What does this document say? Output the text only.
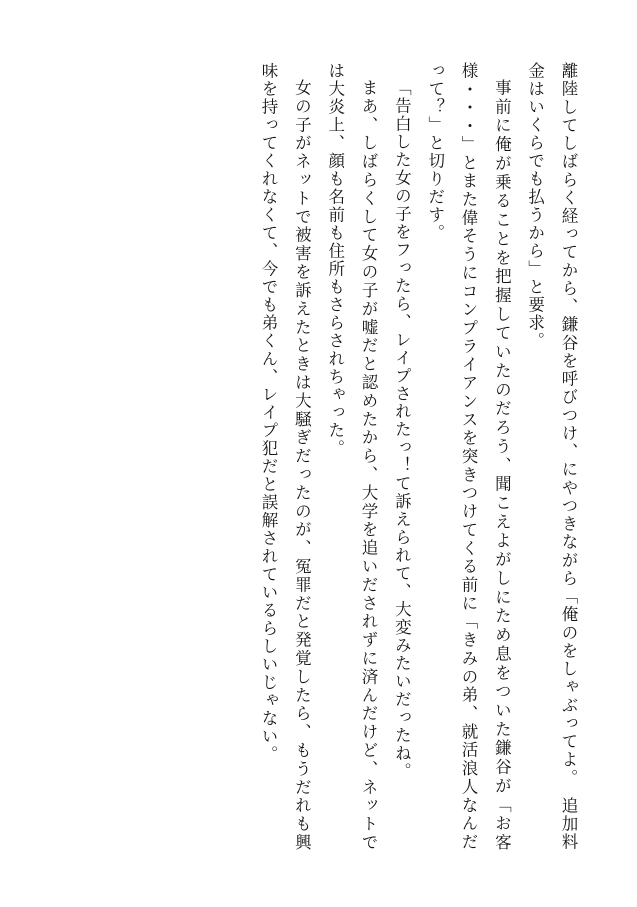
離陸してしばらく経ってから、鎌谷を呼びつけ、にやつきながら「俺のをしゃぶってよ。　追加料金はいくらでも払うから」と要求。

事前に俺が乗ることを把握していたのだろう、聞こえよがしにため息をついた鎌谷が「お客様・・・」とまた偉そうにコンプライアンスを突きつけてくる前に「きみの弟、就活浪人なんだって？」と切りだす。

「告白した女の子をフったら、レイプされたっ！て訴えられて、大変みたいだったね。

まあ、しばらくして女の子が嘘だと認めたから、大学を追いだされずに済んだけど、ネットでは大炎上、顔も名前も住所もさらされちゃった。

女の子がネットで被害を訴えたときは大騒ぎだったのが、冤罪だと発覚したら、もうだれも興味を持ってくれなくて、今でも弟くん、レイプ犯だと誤解されているらしいじゃない。
